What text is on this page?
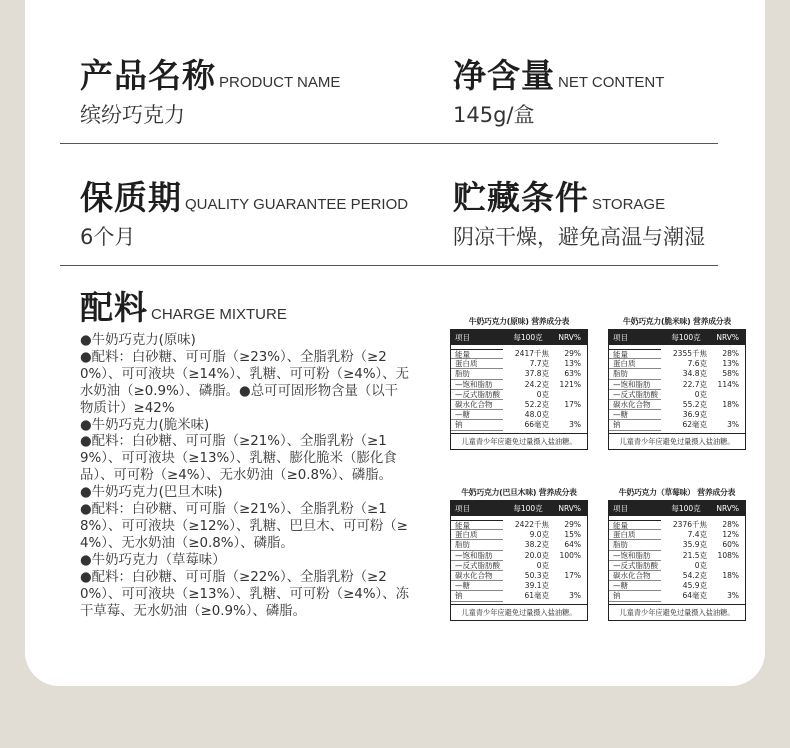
产品名称 PRODUCT NAME
缤纷巧克力
净含量 NET CONTENT
145g/盒
保质期 QUALITY GUARANTEE PERIOD
6个月
贮藏条件 STORAGE
阴凉干燥，避免高温与潮湿
配料 CHARGE MIXTURE

●牛奶巧克力(原味)

●配料：白砂糖、可可脂（≥23%）、全脂乳粉（≥20%）、可可液块（≥14%）、乳糖、可可粉（≥4%）、无水奶油（≥0.9%）、磷脂。●总可可固形物含量（以干物质计）≥42%

●牛奶巧克力(脆米味)

●配料：白砂糖、可可脂（≥21%）、全脂乳粉（≥19%）、可可液块（≥13%）、乳糖、膨化脆米（膨化食品）、可可粉（≥4%）、无水奶油（≥0.8%）、磷脂。

●牛奶巧克力(巴旦木味)

●配料：白砂糖、可可脂（≥21%）、全脂乳粉（≥18%）、可可液块（≥12%）、乳糖、巴旦木、可可粉（≥4%）、无水奶油（≥0.8%）、磷脂。

●牛奶巧克力（草莓味）

●配料：白砂糖、可可脂（≥22%）、全脂乳粉（≥20%）、可可液块（≥13%）、乳糖、可可粉（≥4%）、冻干草莓、无水奶油（≥0.9%）、磷脂。

牛奶巧克力(原味) 营养成分表
项目	每100克	NRV%
能量	2417千焦	29%
蛋白质	7.7克	13%
脂肪	37.8克	63%
—饱和脂肪	24.2克	121%
—反式脂肪酸	0克
碳水化合物	52.2克	17%
—糖	48.0克
钠	66毫克	3%
儿童青少年应避免过量摄入盐油糖。
牛奶巧克力(脆米味) 营养成分表
项目	每100克	NRV%
能量	2355千焦	28%
蛋白质	7.6克	13%
脂肪	34.8克	58%
—饱和脂肪	22.7克	114%
—反式脂肪酸	0克
碳水化合物	55.2克	18%
—糖	36.9克
钠	62毫克	3%
儿童青少年应避免过量摄入盐油糖。
牛奶巧克力(巴旦木味) 营养成分表
项目	每100克	NRV%
能量	2422千焦	29%
蛋白质	9.0克	15%
脂肪	38.2克	64%
—饱和脂肪	20.0克	100%
—反式脂肪酸	0克
碳水化合物	50.3克	17%
—糖	39.1克
钠	61毫克	3%
儿童青少年应避免过量摄入盐油糖。
牛奶巧克力（草莓味） 营养成分表
项目	每100克	NRV%
能量	2376千焦	28%
蛋白质	7.4克	12%
脂肪	35.9克	60%
—饱和脂肪	21.5克	108%
—反式脂肪酸	0克
碳水化合物	54.2克	18%
—糖	45.9克
钠	64毫克	3%
儿童青少年应避免过量摄入盐油糖。
